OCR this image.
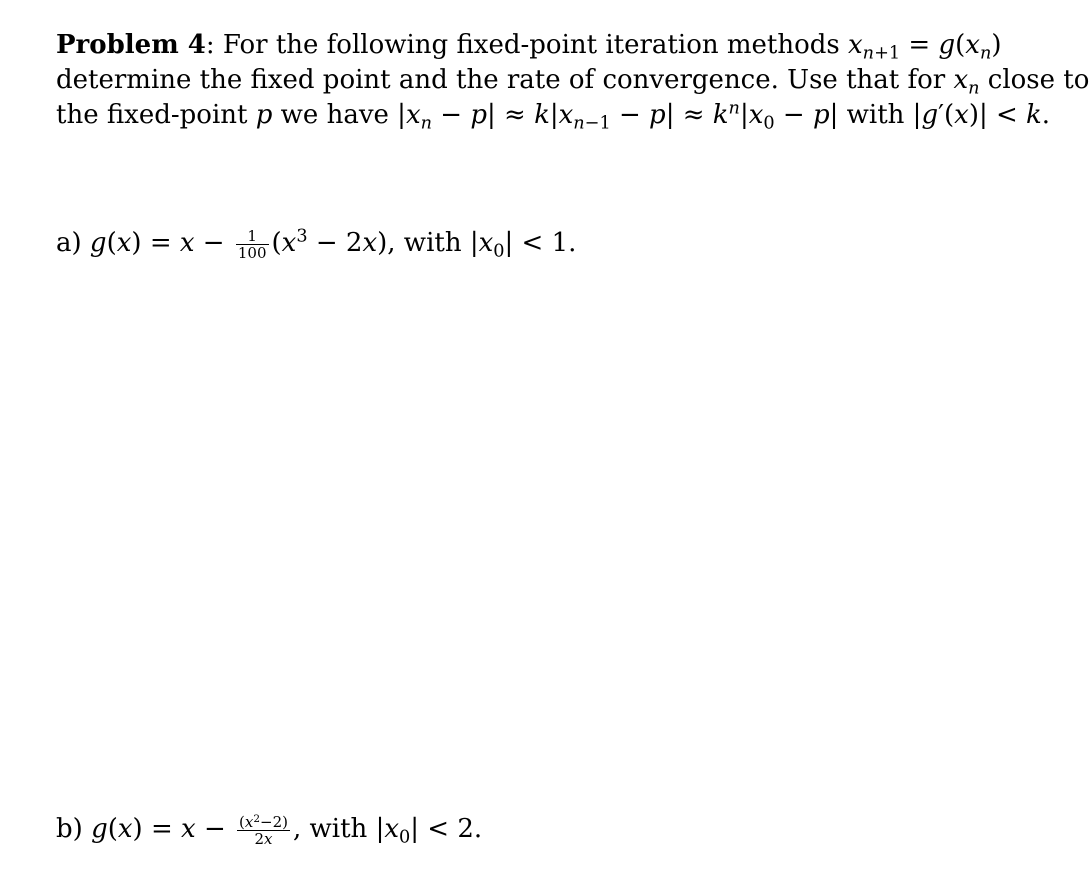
Problem 4: For the following fixed-point iteration methods $x_{n+1} = g(x_n)$
determine the fixed point and the rate of convergence. Use that for $x_n$ close to
the fixed-point p we have $|x_n - p| \approx k|x_{n-1} - p| \approx k^n|x_0 - p|$ with |g′(x)| < k.
a) $g(x) = x - \frac{1}{100} (x^3 - 2x)$, with $|x_0| < 1$.
b) $g(x) = x - \frac{(x^2-2)}{2x}$ , with $|x_0| < 2$.
